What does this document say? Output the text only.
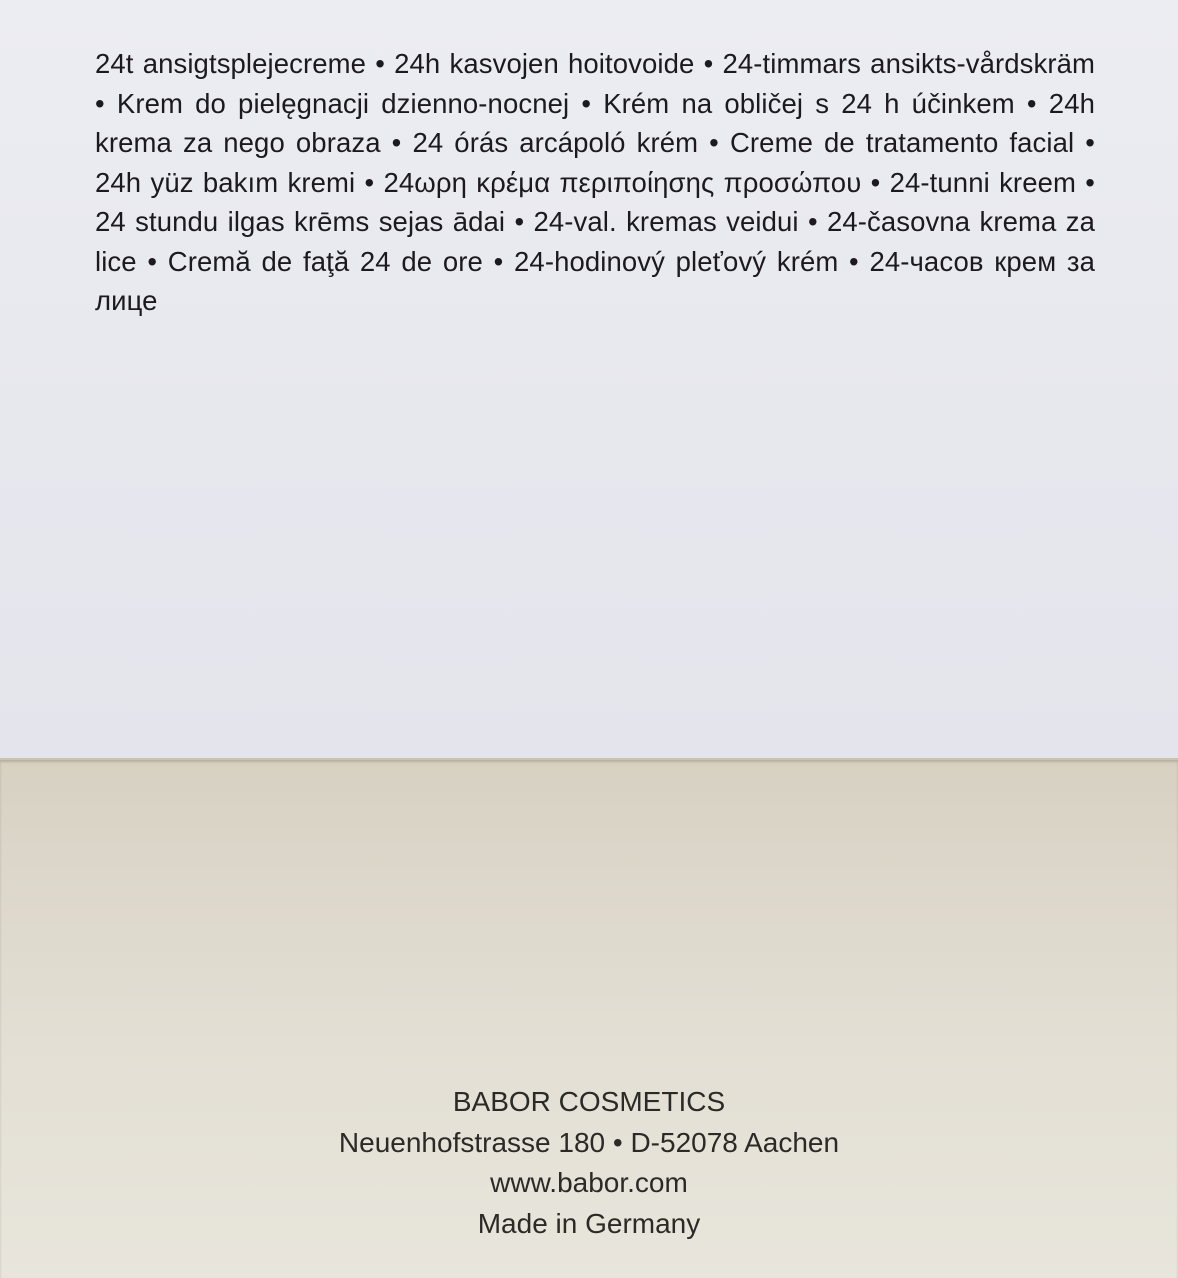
24t ansigtsplejecreme • 24h kasvojen hoitovoide • 24-timmars ansikts-vårdskräm • Krem do pielęgnacji dzienno-nocnej • Krém na obličej s 24 h účinkem • 24h krema za nego obraza • 24 órás arcápoló krém • Creme de tratamento facial • 24h yüz bakım kremi • 24ωρη κρέμα περιποίησης προσώπου • 24-tunni kreem • 24 stundu ilgas krēms sejas ādai • 24-val. kremas veidui • 24-časovna krema za lice • Cremă de faţă 24 de ore • 24-hodinový pleťový krém • 24-часов крем за лице

BABOR COSMETICS
Neuenhofstrasse 180 • D-52078 Aachen
www.babor.com
Made in Germany
